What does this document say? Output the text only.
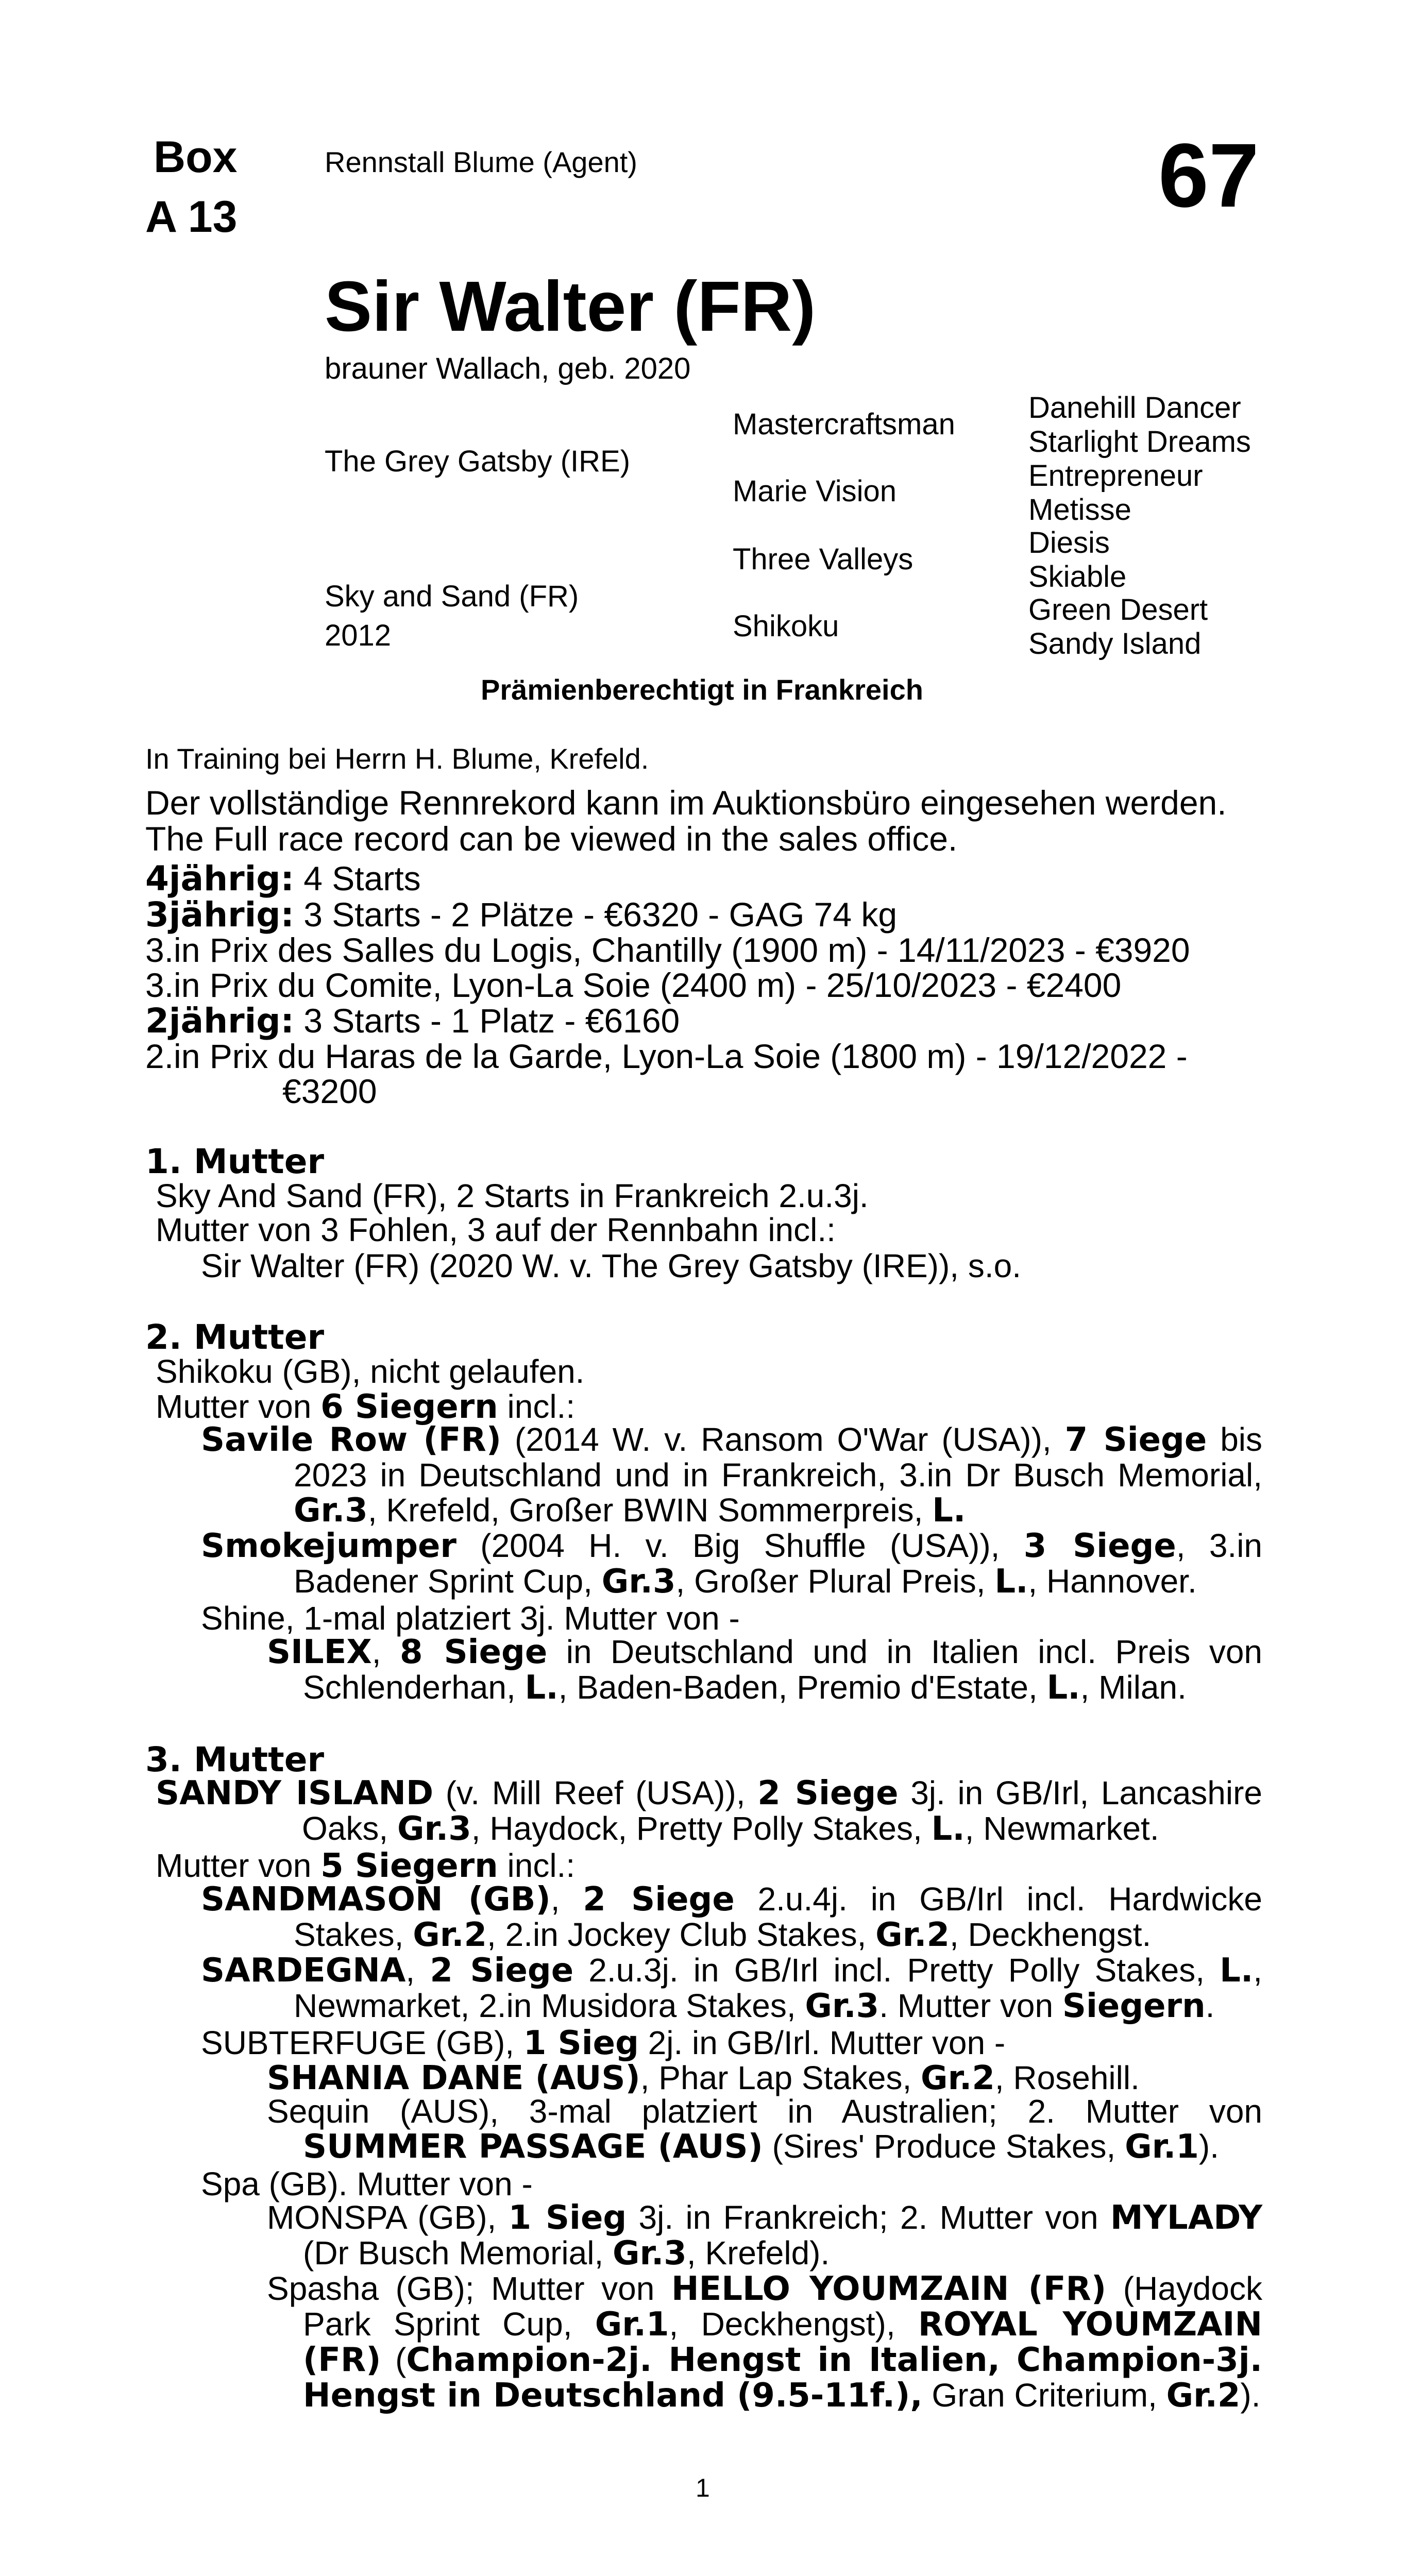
Box
A 13
Rennstall Blume (Agent)	67
Sir Walter (FR)
brauner Wallach, geb. 2020
The Grey Gatsby (IRE)
Sky and Sand (FR)
2012
Mastercraftsman
Marie Vision
Three Valleys
Shikoku
Danehill Dancer
Starlight Dreams
Entrepreneur
Metisse
Diesis
Skiable
Green Desert
Sandy Island
Prämienberechtigt in Frankreich
In Training bei Herrn H. Blume, Krefeld.
Der vollständige Rennrekord kann im Auktionsbüro eingesehen werden.
The Full race record can be viewed in the sales office.
4jährig: 4 Starts
3jährig: 3 Starts - 2 Plätze - €6320 - GAG 74 kg
3.in Prix des Salles du Logis, Chantilly (1900 m) - 14/11/2023 - €3920
3.in Prix du Comite, Lyon-La Soie (2400 m) - 25/10/2023 - €2400
2jährig: 3 Starts - 1 Platz - €6160
2.in Prix du Haras de la Garde, Lyon-La Soie (1800 m) - 19/12/2022 -
€3200
1. Mutter
Sky And Sand (FR), 2 Starts in Frankreich 2.u.3j.
Mutter von 3 Fohlen, 3 auf der Rennbahn incl.:
Sir Walter (FR) (2020 W. v. The Grey Gatsby (IRE)), s.o.
2. Mutter
Shikoku (GB), nicht gelaufen.
Mutter von 6 Siegern incl.:
Savile Row (FR) (2014 W. v. Ransom O'War (USA)), 7 Siege bis 2023 in Deutschland und in Frankreich, 3.in Dr Busch Memorial, Gr.3, Krefeld, Großer BWIN Sommerpreis, L.
Smokejumper (2004 H. v. Big Shuffle (USA)), 3 Siege, 3.in Badener Sprint Cup, Gr.3, Großer Plural Preis, L., Hannover.
Shine, 1-mal platziert 3j. Mutter von -
SILEX, 8 Siege in Deutschland und in Italien incl. Preis von Schlenderhan, L., Baden-Baden, Premio d'Estate, L., Milan.
3. Mutter
SANDY ISLAND (v. Mill Reef (USA)), 2 Siege 3j. in GB/Irl, Lancashire Oaks, Gr.3, Haydock, Pretty Polly Stakes, L., Newmarket.
Mutter von 5 Siegern incl.:
SANDMASON (GB), 2 Siege 2.u.4j. in GB/Irl incl. Hardwicke Stakes, Gr.2, 2.in Jockey Club Stakes, Gr.2, Deckhengst.
SARDEGNA, 2 Siege 2.u.3j. in GB/Irl incl. Pretty Polly Stakes, L., Newmarket, 2.in Musidora Stakes, Gr.3. Mutter von Siegern.
SUBTERFUGE (GB), 1 Sieg 2j. in GB/Irl. Mutter von -
SHANIA DANE (AUS), Phar Lap Stakes, Gr.2, Rosehill.
Sequin (AUS), 3-mal platziert in Australien; 2. Mutter von SUMMER PASSAGE (AUS) (Sires' Produce Stakes, Gr.1).
Spa (GB). Mutter von -
MONSPA (GB), 1 Sieg 3j. in Frankreich; 2. Mutter von MYLADY (Dr Busch Memorial, Gr.3, Krefeld).
Spasha (GB); Mutter von HELLO YOUMZAIN (FR) (Haydock Park Sprint Cup, Gr.1, Deckhengst), ROYAL YOUMZAIN (FR) (Champion-2j. Hengst in Italien, Champion-3j. Hengst in Deutschland (9.5-11f.), Gran Criterium, Gr.2).
1
